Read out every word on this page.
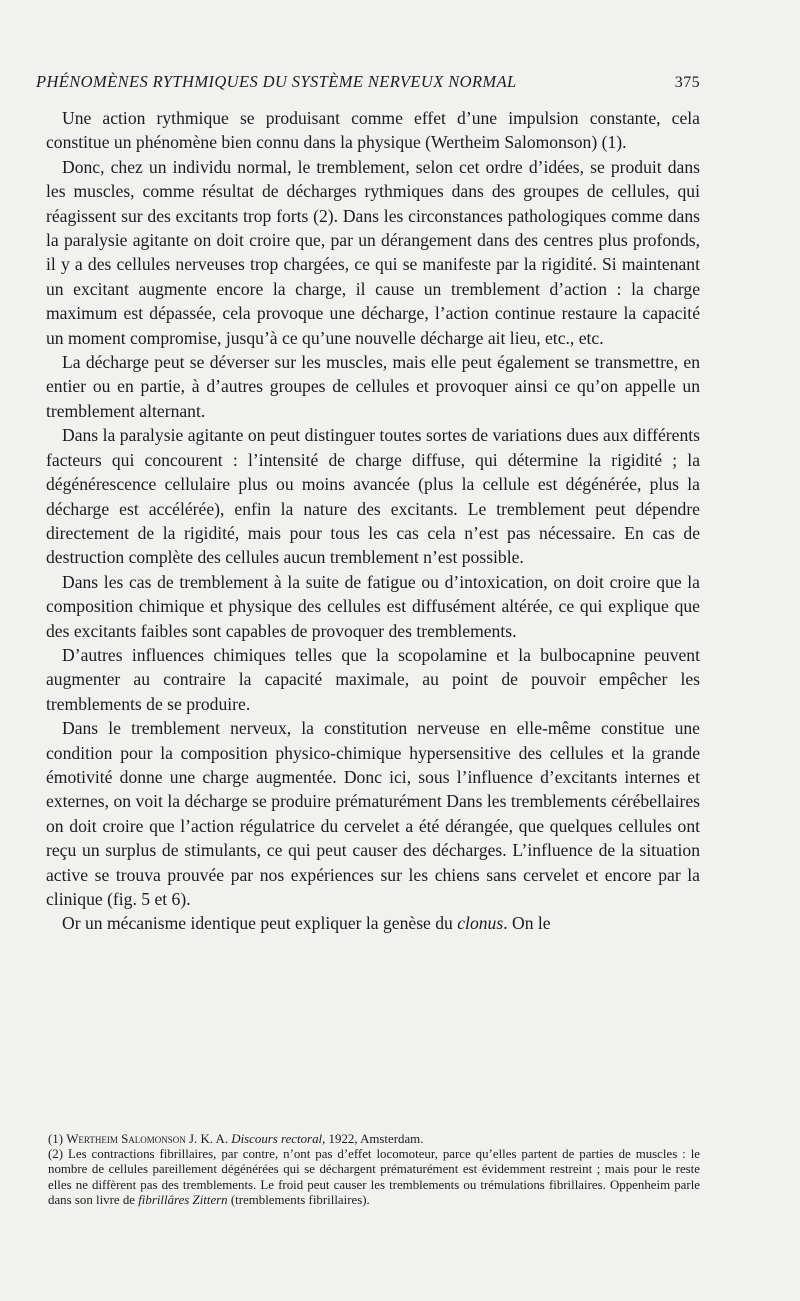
PHÉNOMÈNES RYTHMIQUES DU SYSTÈME NERVEUX NORMAL	375

Une action rythmique se produisant comme effet d’une impulsion constante, cela constitue un phénomène bien connu dans la physique (Wertheim Salomonson) (1).

Donc, chez un individu normal, le tremblement, selon cet ordre d’idées, se produit dans les muscles, comme résultat de décharges rythmiques dans des groupes de cellules, qui réagissent sur des excitants trop forts (2). Dans les circonstances pathologiques comme dans la paralysie agitante on doit croire que, par un dérangement dans des centres plus profonds, il y a des cellules nerveuses trop chargées, ce qui se manifeste par la rigidité. Si maintenant un excitant augmente encore la charge, il cause un tremblement d’action : la charge maximum est dépassée, cela provoque une décharge, l’action continue restaure la capacité un moment compromise, jusqu’à ce qu’une nouvelle décharge ait lieu, etc., etc.

La décharge peut se déverser sur les muscles, mais elle peut également se transmettre, en entier ou en partie, à d’autres groupes de cellules et provoquer ainsi ce qu’on appelle un tremblement alternant.

Dans la paralysie agitante on peut distinguer toutes sortes de variations dues aux différents facteurs qui concourent : l’intensité de charge diffuse, qui détermine la rigidité ; la dégénérescence cellulaire plus ou moins avancée (plus la cellule est dégénérée, plus la décharge est accélérée), enfin la nature des excitants. Le tremblement peut dépendre directement de la rigidité, mais pour tous les cas cela n’est pas nécessaire. En cas de destruction complète des cellules aucun tremblement n’est possible.

Dans les cas de tremblement à la suite de fatigue ou d’intoxication, on doit croire que la composition chimique et physique des cellules est diffusément altérée, ce qui explique que des excitants faibles sont capables de provoquer des tremblements.

D’autres influences chimiques telles que la scopolamine et la bulbocapnine peuvent augmenter au contraire la capacité maximale, au point de pouvoir empêcher les tremblements de se produire.

Dans le tremblement nerveux, la constitution nerveuse en elle-même constitue une condition pour la composition physico-chimique hypersensitive des cellules et la grande émotivité donne une charge augmentée. Donc ici, sous l’influence d’excitants internes et externes, on voit la décharge se produire prématurément Dans les tremblements cérébellaires on doit croire que l’action régulatrice du cervelet a été dérangée, que quelques cellules ont reçu un surplus de stimulants, ce qui peut causer des décharges. L’influence de la situation active se trouva prouvée par nos expériences sur les chiens sans cervelet et encore par la clinique (fig. 5 et 6).

Or un mécanisme identique peut expliquer la genèse du clonus. On le

(1) Wertheim Salomonson J. K. A. Discours rectoral, 1922, Amsterdam.

(2) Les contractions fibrillaires, par contre, n’ont pas d’effet locomoteur, parce qu’elles partent de parties de muscles : le nombre de cellules pareillement dégénérées qui se déchargent prématurément est évidemment restreint ; mais pour le reste elles ne diffèrent pas des tremblements. Le froid peut causer les tremblements ou trémulations fibrillaires. Oppenheim parle dans son livre de fibrillâres Zittern (tremblements fibrillaires).
